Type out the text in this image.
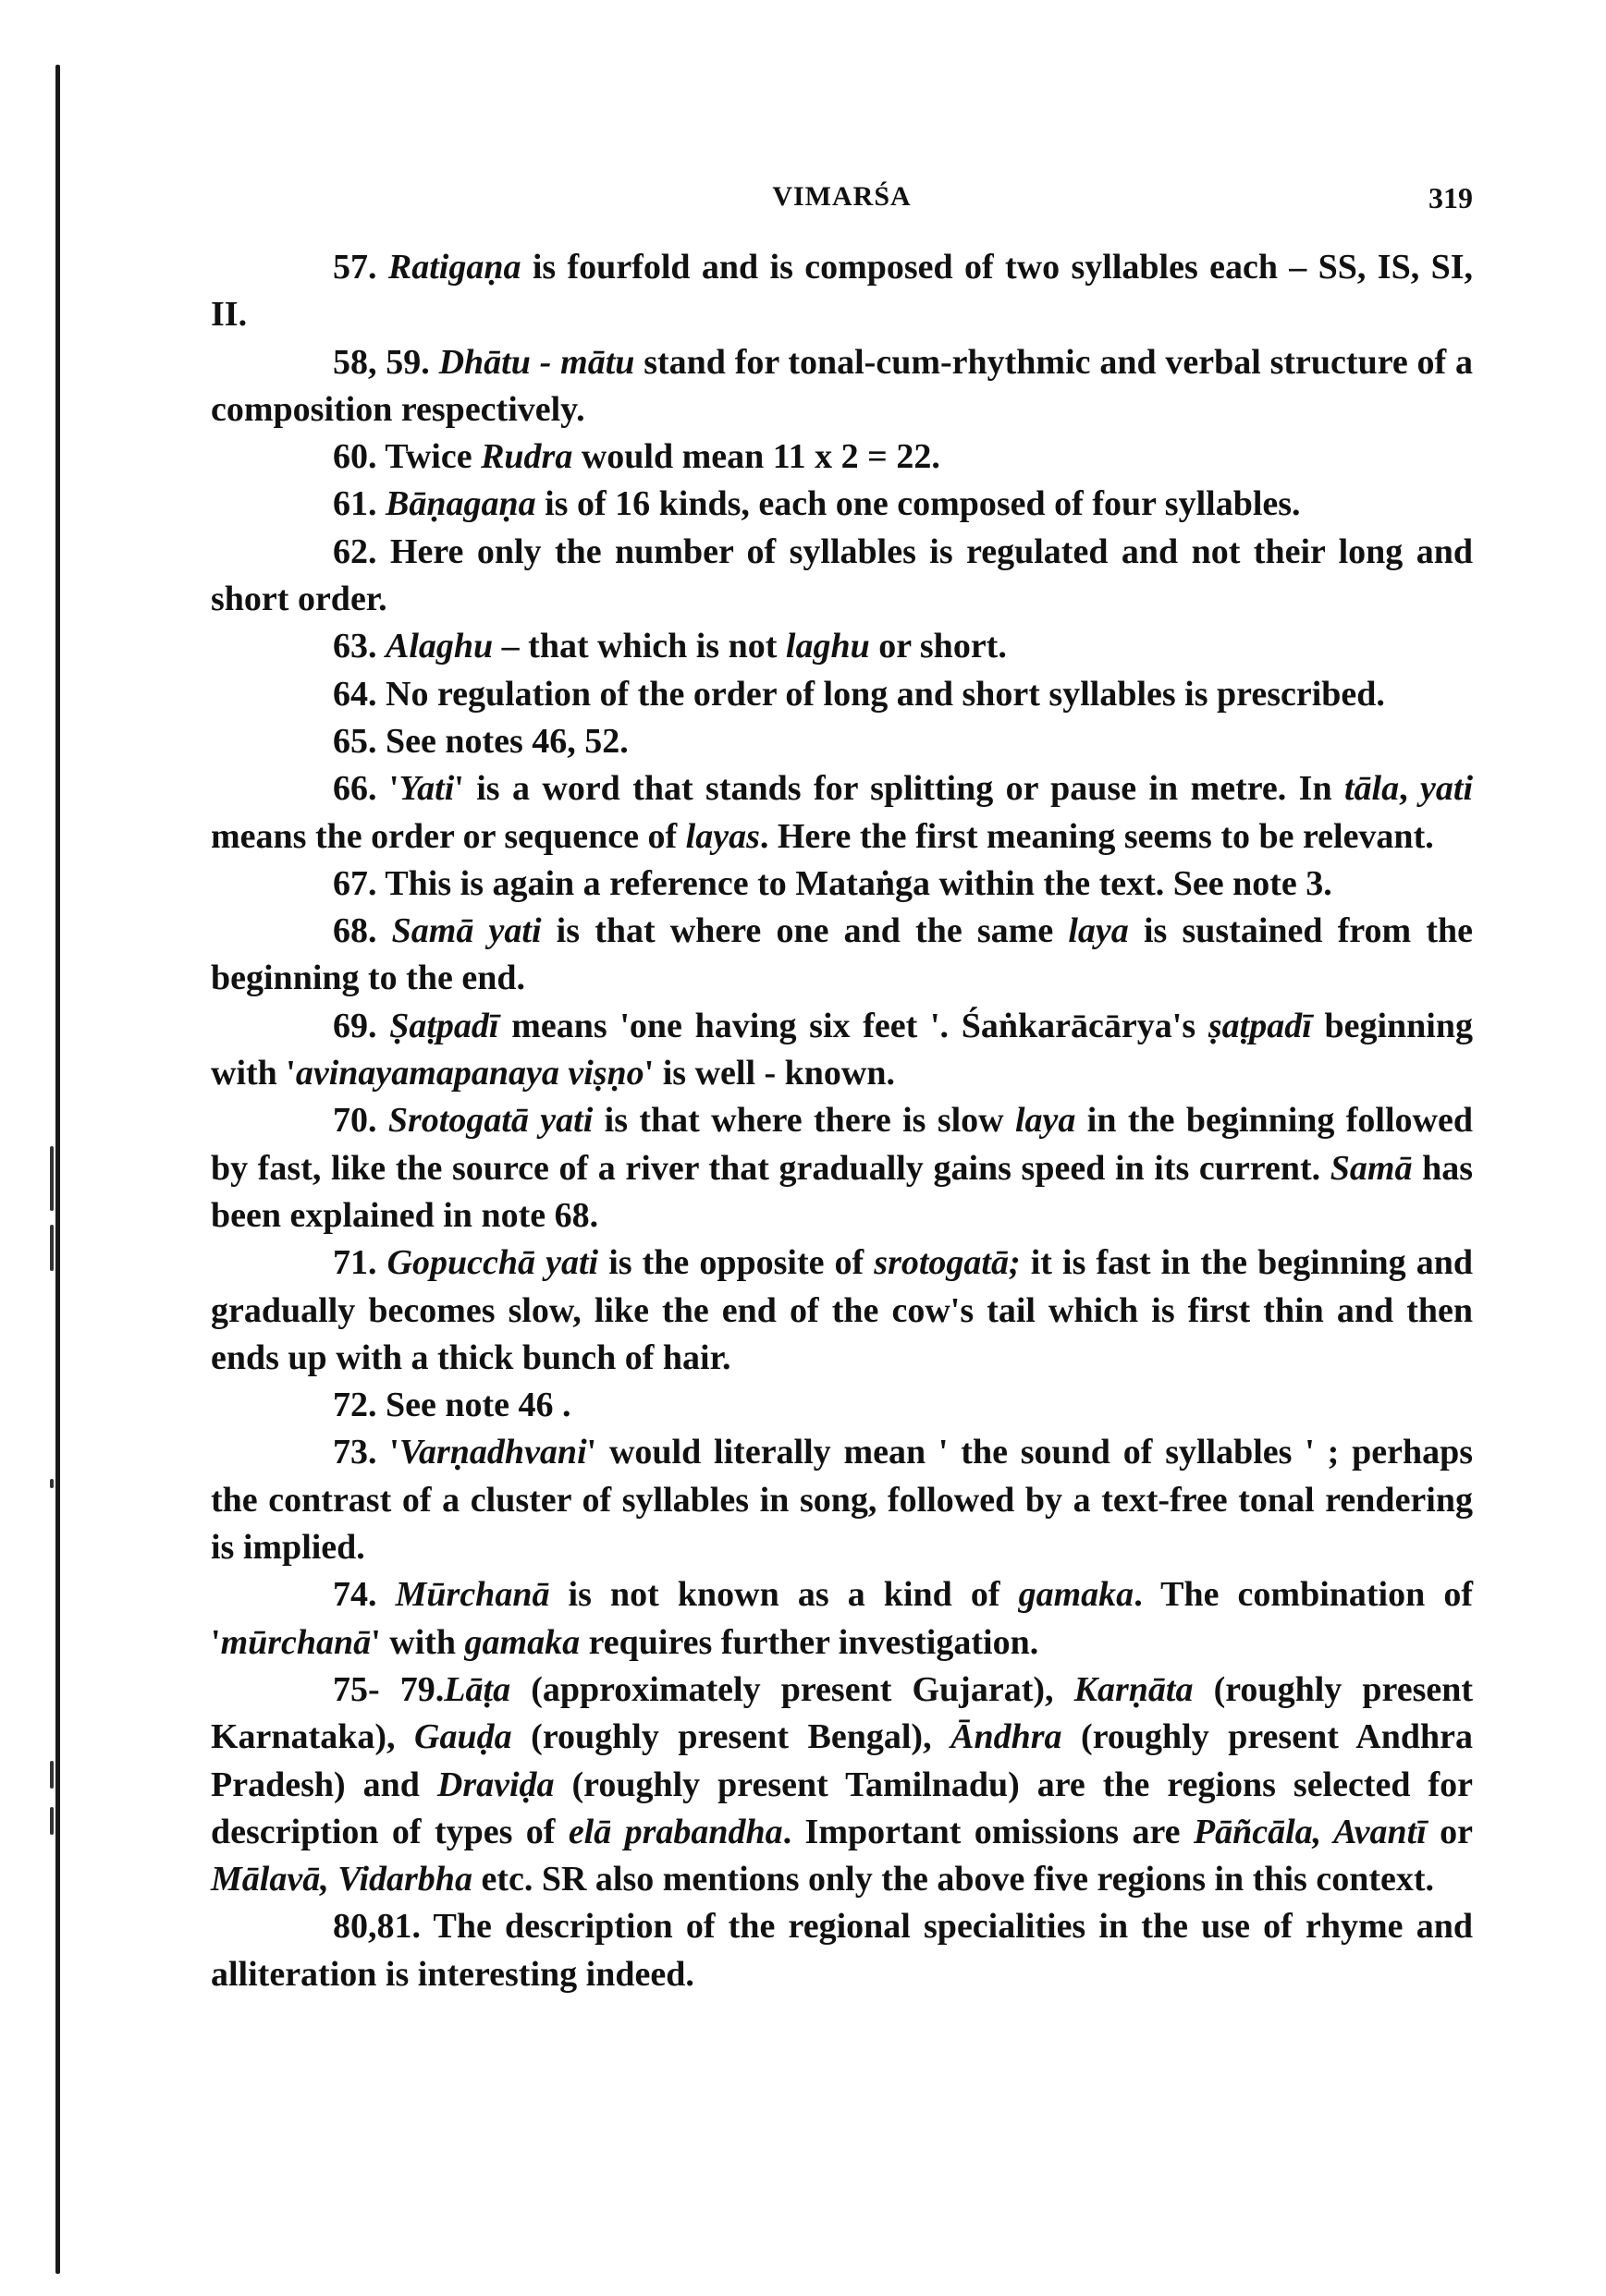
VIMARŚA	319

57. Ratigaṇa is fourfold and is composed of two syllables each – SS, IS, SI, II.

58, 59. Dhātu - mātu stand for tonal-cum-rhythmic and verbal structure of a composition respectively.

60. Twice Rudra would mean 11 x 2 = 22.

61. Bāṇagaṇa is of 16 kinds, each one composed of four syllables.

62. Here only the number of syllables is regulated and not their long and short order.

63. Alaghu – that which is not laghu or short.

64. No regulation of the order of long and short syllables is prescribed.

65. See notes 46, 52.

66. 'Yati' is a word that stands for splitting or pause in metre. In tāla, yati means the order or sequence of layas. Here the first meaning seems to be relevant.

67. This is again a reference to Mataṅga within the text. See note 3.

68. Samā yati is that where one and the same laya is sustained from the beginning to the end.

69. Ṣaṭpadī means 'one having six feet '. Śaṅkarācārya's ṣaṭpadī beginning with 'avinayamapanaya viṣṇo' is well - known.

70. Srotogatā yati is that where there is slow laya in the beginning followed by fast, like the source of a river that gradually gains speed in its current. Samā has been explained in note 68.

71. Gopucchā yati is the opposite of srotogatā; it is fast in the beginning and gradually becomes slow, like the end of the cow's tail which is first thin and then ends up with a thick bunch of hair.

72. See note 46 .

73. 'Varṇadhvani' would literally mean ' the sound of syllables ' ; perhaps the contrast of a cluster of syllables in song, followed by a text-free tonal rendering is implied.

74. Mūrchanā is not known as a kind of gamaka. The combination of 'mūrchanā' with gamaka requires further investigation.

75- 79.Lāṭa (approximately present Gujarat), Karṇāta (roughly present Karnataka), Gauḍa (roughly present Bengal), Āndhra (roughly present Andhra Pradesh) and Draviḍa (roughly present Tamilnadu) are the regions selected for description of types of elā prabandha. Important omissions are Pāñcāla, Avantī or Mālavā, Vidarbha etc. SR also mentions only the above five regions in this context.

80,81. The description of the regional specialities in the use of rhyme and alliteration is interesting indeed.
